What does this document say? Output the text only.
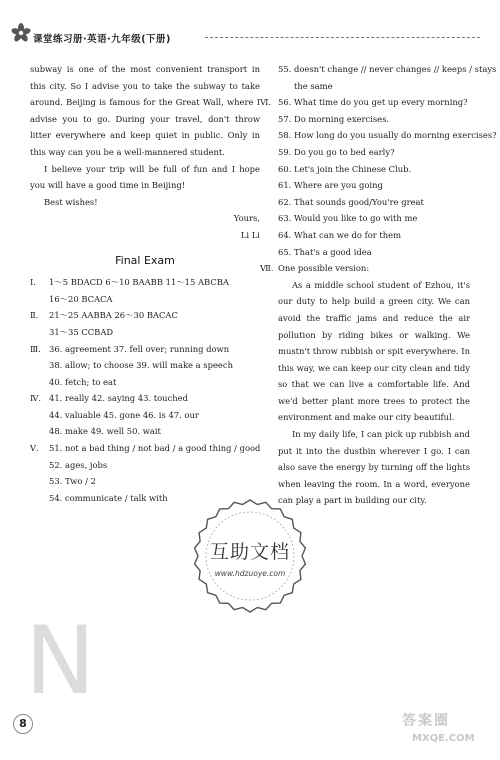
课堂练习册·英语·九年级(下册)

subway is one of the most convenient transport in this city. So I advise you to take the subway to take around. Beijing is famous for the Great Wall, where I advise you to go. During your travel, don't throw litter everywhere and keep quiet in public. Only in this way can you be a well-mannered student.

I believe your trip will be full of fun and I hope you will have a good time in Beijing!

Best wishes!

Yours,
Li Li
Final Exam
Ⅰ.	1～5 BDACD 6～10 BAABB 11～15 ABCBA
16～20 BCACA
Ⅱ.	21～25 AABBA 26～30 BACAC
31～35 CCBAD
Ⅲ. 36. agreement 37. fell over; running down
38. allow; to choose 39. will make a speech
40. fetch; to eat
Ⅳ. 41. really 42. saying 43. touched
44. valuable 45. gone 46. is 47. our
48. make 49. well 50. wait
Ⅴ.	51. not a bad thing / not bad / a good thing / good
52. ages, jobs
53. Two / 2
54. communicate / talk with
55. doesn't change // never changes // keeps / stays
the same
Ⅵ. 56. What time do you get up every morning?
57. Do morning exercises.
58. How long do you usually do morning exercises?
59. Do you go to bed early?
60. Let's join the Chinese Club.
61. Where are you going
62. That sounds good/You're great
63. Would you like to go with me
64. What can we do for them
65. That's a good idea
Ⅶ. One possible version:

As a middle school student of Ezhou, it's our duty to help build a green city. We can avoid the traffic jams and reduce the air pollution by riding bikes or walking. We mustn't throw rubbish or spit everywhere. In this way, we can keep our city clean and tidy so that we can live a comfortable life. And we'd better plant more trees to protect the environment and make our city beautiful.

In my daily life, I can pick up rubbish and put it into the dustbin wherever I go. I can also save the energy by turning off the lights when leaving the room. In a word, everyone can play a part in building our city.

互助文档
www.hdzuoye.com
N
8	答案圈
MXQE.COM
